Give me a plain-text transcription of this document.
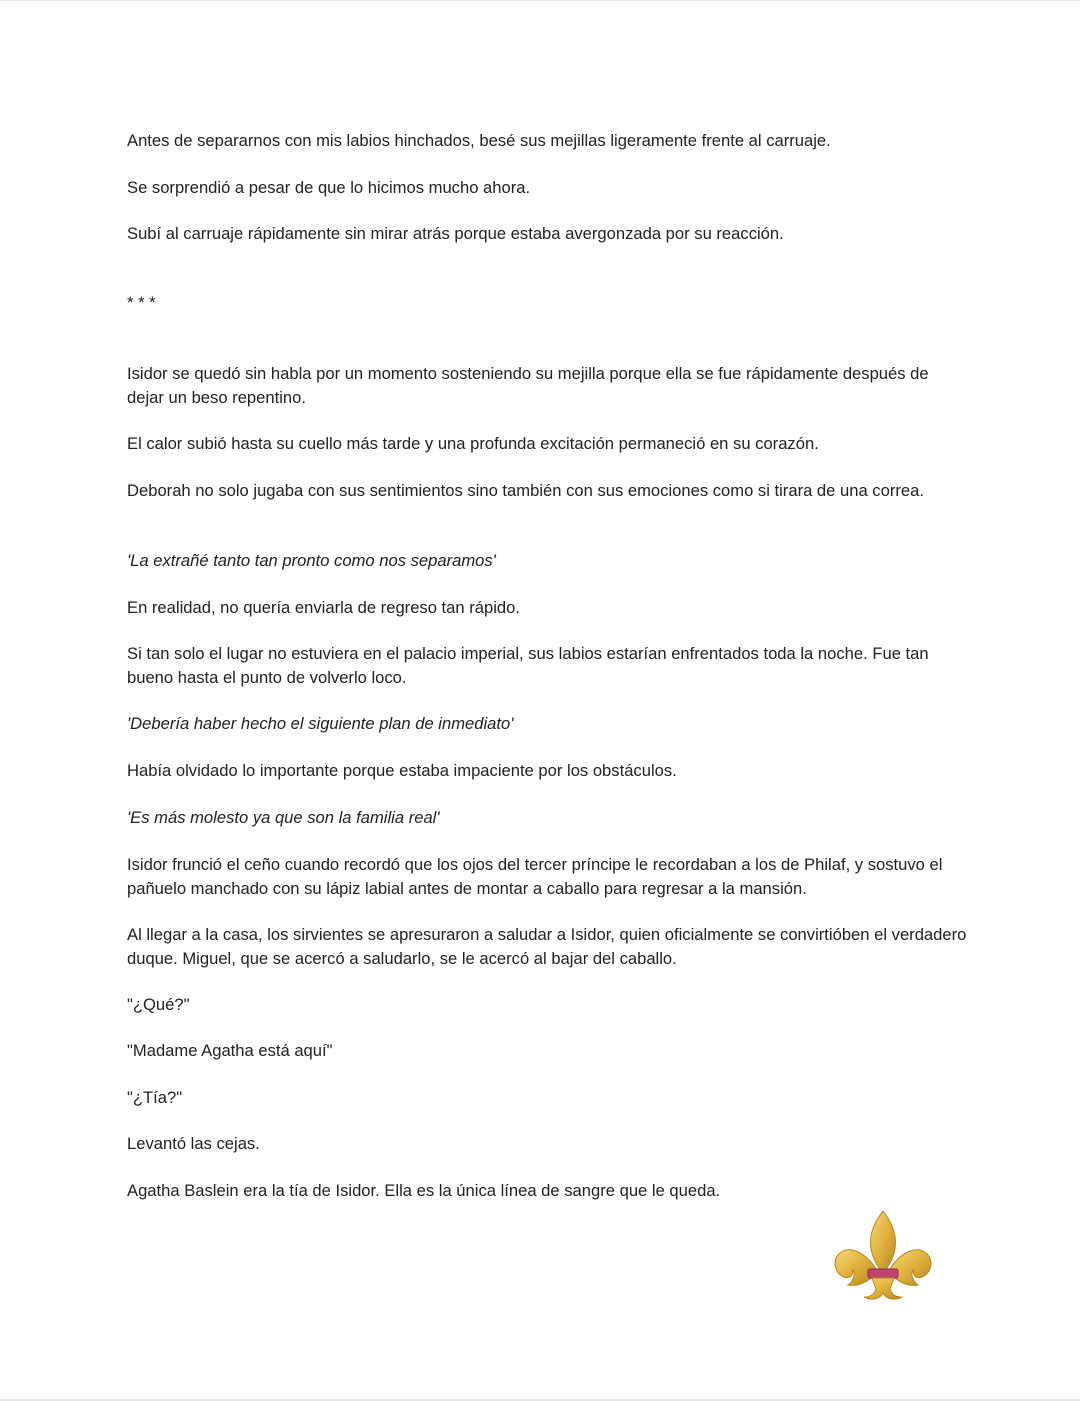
Antes de separarnos con mis labios hinchados, besé sus mejillas ligeramente frente al carruaje.

Se sorprendió a pesar de que lo hicimos mucho ahora.

Subí al carruaje rápidamente sin mirar atrás porque estaba avergonzada por su reacción.

* * *

Isidor se quedó sin habla por un momento sosteniendo su mejilla porque ella se fue rápidamente después de dejar un beso repentino.

El calor subió hasta su cuello más tarde y una profunda excitación permaneció en su corazón.

Deborah no solo jugaba con sus sentimientos sino también con sus emociones como si tirara de una correa.

'La extrañé tanto tan pronto como nos separamos'

En realidad, no quería enviarla de regreso tan rápido.

Si tan solo el lugar no estuviera en el palacio imperial, sus labios estarían enfrentados toda la noche. Fue tan bueno hasta el punto de volverlo loco.

'Debería haber hecho el siguiente plan de inmediato'

Había olvidado lo importante porque estaba impaciente por los obstáculos.

'Es más molesto ya que son la familia real'

Isidor frunció el ceño cuando recordó que los ojos del tercer príncipe le recordaban a los de Philaf, y sostuvo el pañuelo manchado con su lápiz labial antes de montar a caballo para regresar a la mansión.

Al llegar a la casa, los sirvientes se apresuraron a saludar a Isidor, quien oficialmente se convirtióben el verdadero duque. Miguel, que se acercó a saludarlo, se le acercó al bajar del caballo.

"¿Qué?"

"Madame Agatha está aquí"

"¿Tía?"

Levantó las cejas.

Agatha Baslein era la tía de Isidor. Ella es la única línea de sangre que le queda.
